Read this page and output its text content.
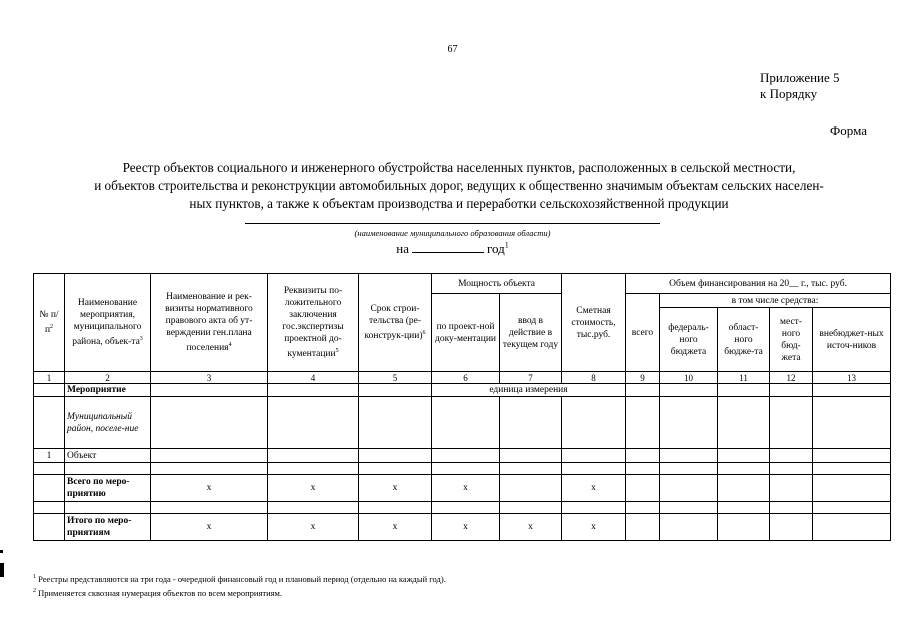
67
Приложение 5
к Порядку
Форма
Реестр объектов социального и инженерного обустройства населенных пунктов, расположенных в сельской местности,
и объектов строительства и реконструкции автомобильных дорог, ведущих к общественно значимым объектам сельских населен-
ных пунктов, а также к объектам производства и переработки сельскохозяйственной продукции
(наименование муниципального образования области)
на	год$^1$
№ $п/п^2$	Наименование мероприятия, муниципального района, объек-$та^3$	Наименование и рек-визиты нормативного правового акта об ут-верждении ген.плана поселения$^4$	Реквизиты по-ложительного заключения гос.экспертизы проектной до-кументации$^5$	Срок строи-тельства (ре-конструк-ции)$^6$	Мощность объекта		Сметная стоимость, тыс.руб.	Объем финансирования на 20__ г., тыс. руб.				
					по проект-ной доку-ментации	ввод в действие в текущем году		всего	в том числе средства:			
									федераль-ного бюджета	област-ного бюдже-та	мест-ного бюд-жета	внебюджет-ных источ-ников
1	2	3	4	5	6	7	8	9	10	11	12	13
	Мероприятие				единица измерения							
	Муниципальный район, поселе-ние											
1	Объект											

	Всего по меро-приятию	x	x	x	x		x					

	Итого по меро-приятиям	x	x	x	x	x	x					
$^1$ Реестры представляются на три года - очередной финансовый год и плановый период (отдельно на каждый год).
$^2$ Применяется сквозная нумерация объектов по всем мероприятиям.
